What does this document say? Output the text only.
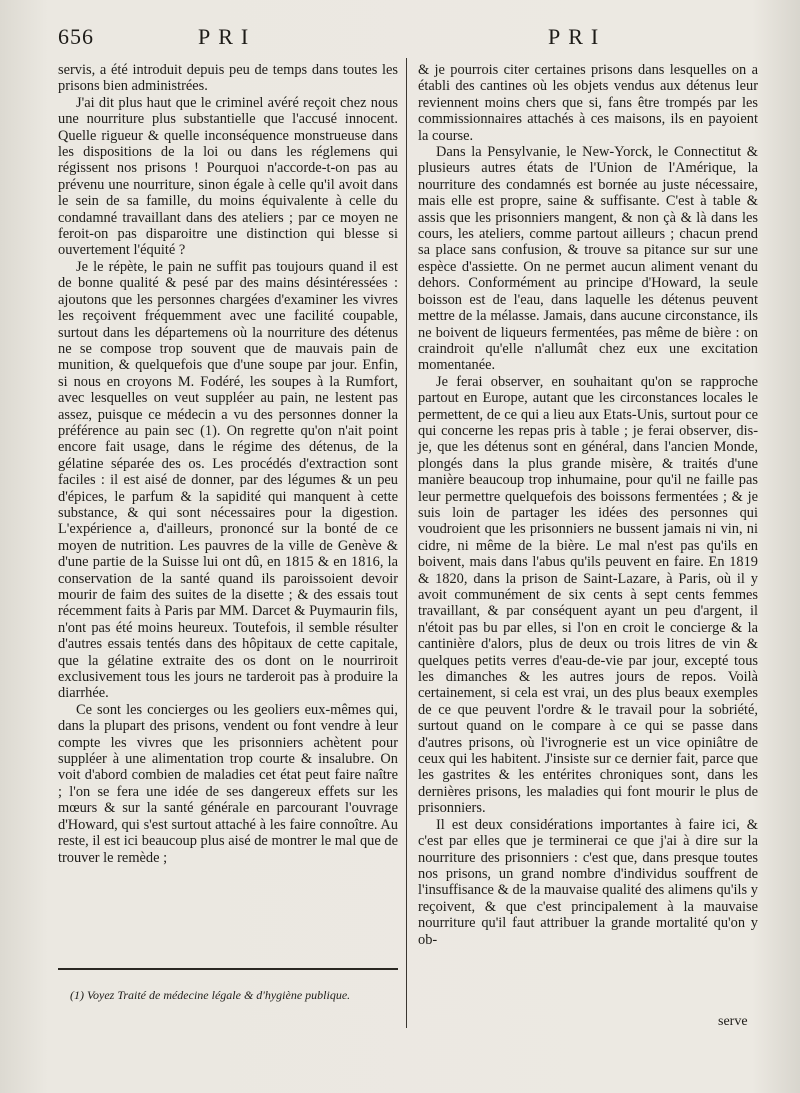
656	PRI	PRI

servis, a été introduit depuis peu de temps dans toutes les prisons bien administrées.

J'ai dit plus haut que le criminel avéré reçoit chez nous une nourriture plus substantielle que l'accusé innocent. Quelle rigueur & quelle inconséquence monstrueuse dans les dispositions de la loi ou dans les réglemens qui régissent nos prisons ! Pourquoi n'accorde-t-on pas au prévenu une nourriture, sinon égale à celle qu'il avoit dans le sein de sa famille, du moins équivalente à celle du condamné travaillant dans des ateliers ; par ce moyen ne feroit-on pas disparoitre une distinction qui blesse si ouvertement l'équité ?

Je le répète, le pain ne suffit pas toujours quand il est de bonne qualité & pesé par des mains désintéressées : ajoutons que les personnes chargées d'examiner les vivres les reçoivent fréquemment avec une facilité coupable, surtout dans les départemens où la nourriture des détenus ne se compose trop souvent que de mauvais pain de munition, & quelquefois que d'une soupe par jour. Enfin, si nous en croyons M. Fodéré, les soupes à la Rumfort, avec lesquelles on veut suppléer au pain, ne lestent pas assez, puisque ce médecin a vu des personnes donner la préférence au pain sec (1). On regrette qu'on n'ait point encore fait usage, dans le régime des détenus, de la gélatine séparée des os. Les procédés d'extraction sont faciles : il est aisé de donner, par des légumes & un peu d'épices, le parfum & la sapidité qui manquent à cette substance, & qui sont nécessaires pour la digestion. L'expérience a, d'ailleurs, prononcé sur la bonté de ce moyen de nutrition. Les pauvres de la ville de Genève & d'une partie de la Suisse lui ont dû, en 1815 & en 1816, la conservation de la santé quand ils paroissoient devoir mourir de faim des suites de la disette ; & des essais tout récemment faits à Paris par MM. Darcet & Puymaurin fils, n'ont pas été moins heureux. Toutefois, il semble résulter d'autres essais tentés dans des hôpitaux de cette capitale, que la gélatine extraite des os dont on le nourriroit exclusivement tous les jours ne tarderoit pas à produire la diarrhée.

Ce sont les concierges ou les geoliers eux-mêmes qui, dans la plupart des prisons, vendent ou font vendre à leur compte les vivres que les prisonniers achètent pour suppléer à une alimentation trop courte & insalubre. On voit d'abord combien de maladies cet état peut faire naître ; l'on se fera une idée de ses dangereux effets sur les mœurs & sur la santé générale en parcourant l'ouvrage d'Howard, qui s'est surtout attaché à les faire connoître. Au reste, il est ici beaucoup plus aisé de montrer le mal que de trouver le remède ;

& je pourrois citer certaines prisons dans lesquelles on a établi des cantines où les objets vendus aux détenus leur reviennent moins chers que si, fans être trompés par les commissionnaires attachés à ces maisons, ils en payoient la course.

Dans la Pensylvanie, le New-Yorck, le Connectitut & plusieurs autres états de l'Union de l'Amérique, la nourriture des condamnés est bornée au juste nécessaire, mais elle est propre, saine & suffisante. C'est à table & assis que les prisonniers mangent, & non çà & là dans les cours, les ateliers, comme partout ailleurs ; chacun prend sa place sans confusion, & trouve sa pitance sur sur une espèce d'assiette. On ne permet aucun aliment venant du dehors. Conformément au principe d'Howard, la seule boisson est de l'eau, dans laquelle les détenus peuvent mettre de la mélasse. Jamais, dans aucune circonstance, ils ne boivent de liqueurs fermentées, pas même de bière : on craindroit qu'elle n'allumât chez eux une excitation momentanée.

Je ferai observer, en souhaitant qu'on se rapproche partout en Europe, autant que les circonstances locales le permettent, de ce qui a lieu aux Etats-Unis, surtout pour ce qui concerne les repas pris à table ; je ferai observer, dis-je, que les détenus sont en général, dans l'ancien Monde, plongés dans la plus grande misère, & traités d'une manière beaucoup trop inhumaine, pour qu'il ne faille pas leur permettre quelquefois des boissons fermentées ; & je suis loin de partager les idées des personnes qui voudroient que les prisonniers ne bussent jamais ni vin, ni cidre, ni même de la bière. Le mal n'est pas qu'ils en boivent, mais dans l'abus qu'ils peuvent en faire. En 1819 & 1820, dans la prison de Saint-Lazare, à Paris, où il y avoit communément de six cents à sept cents femmes travaillant, & par conséquent ayant un peu d'argent, il n'étoit pas bu par elles, si l'on en croit le concierge & la cantinière d'alors, plus de deux ou trois litres de vin & quelques petits verres d'eau-de-vie par jour, excepté tous les dimanches & les autres jours de repos. Voilà certainement, si cela est vrai, un des plus beaux exemples de ce que peuvent l'ordre & le travail pour la sobriété, surtout quand on le compare à ce qui se passe dans d'autres prisons, où l'ivrognerie est un vice opiniâtre de ceux qui les habitent. J'insiste sur ce dernier fait, parce que les gastrites & les entérites chroniques sont, dans les dernières prisons, les maladies qui font mourir le plus de prisonniers.

Il est deux considérations importantes à faire ici, & c'est par elles que je terminerai ce que j'ai à dire sur la nourriture des prisonniers : c'est que, dans presque toutes nos prisons, un grand nombre d'individus souffrent de l'insuffisance & de la mauvaise qualité des alimens qu'ils y reçoivent, & que c'est principalement à la mauvaise nourriture qu'il faut attribuer la grande mortalité qu'on y ob-

(1) Voyez Traité de médecine légale & d'hygiène publique.
serve
